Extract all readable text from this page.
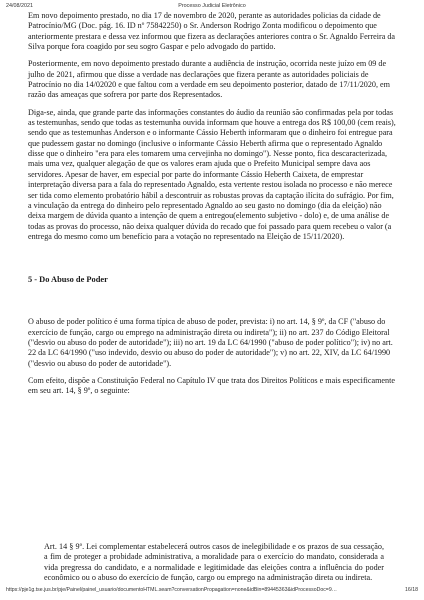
24/08/2021	Processo Judicial Eletrônico

Em novo depoimento prestado, no dia 17 de novembro de 2020, perante as autoridades policias da cidade de Patrocínio/MG (Doc. pág. 16. ID nº 75842250) o Sr. Anderson Rodrigo Zonta modificou o depoimento que anteriormente prestara e dessa vez informou que fizera as declarações anteriores contra o Sr. Agnaldo Ferreira da Silva porque fora coagido por seu sogro Gaspar e pelo advogado do partido.

Posteriormente, em novo depoimento prestado durante a audiência de instrução, ocorrida neste juízo em 09 de julho de 2021, afirmou que disse a verdade nas declarações que fizera perante as autoridades policiais de Patrocínio no dia 14/02020 e que faltou com a verdade em seu depoimento posterior, datado de 17/11/2020, em razão das ameaças que sofrera por parte dos Representados.

Diga-se, ainda, que grande parte das informações constantes do áudio da reunião são confirmadas pela por todas as testemunhas, sendo que todas as testemunha ouvida informam que houve a entrega dos R$ 100,00 (cem reais), sendo que as testemunhas Anderson e o informante Cássio Heberth informaram que o dinheiro foi entregue para que pudessem gastar no domingo (inclusive o informante Cássio Heberth afirma que o representado Agnaldo disse que o dinheiro "era para eles tomarem uma cervejinha no domingo"). Nesse ponto, fica descaracterizada, mais uma vez, qualquer alegação de que os valores eram ajuda que o Prefeito Municipal sempre dava aos servidores. Apesar de haver, em especial por parte do informante Cássio Heberth Caixeta, de emprestar interpretação diversa para a fala do representado Agnaldo, esta vertente restou isolada no processo e não merece ser tida como elemento probatório hábil a descontruir as robustas provas da captação ilícita do sufrágio. Por fim, a vinculação da entrega do dinheiro pelo representado Agnaldo ao seu gasto no domingo (dia da eleição) não deixa margem de dúvida quanto a intenção de quem a entregou(elemento subjetivo - dolo) e, de uma análise de todas as provas do processo, não deixa qualquer dúvida do recado que foi passado para quem recebeu o valor (a entrega do mesmo como um benefício para a votação no representado na Eleição de 15/11/2020).

5 - Do Abuso de Poder

O abuso de poder político é uma forma típica de abuso de poder, prevista: i) no art. 14, § 9º, da CF ("abuso do exercício de função, cargo ou emprego na administração direta ou indireta"); ii) no art. 237 do Código Eleitoral ("desvio ou abuso do poder de autoridade"); iii) no art. 19 da LC 64/1990 ("abuso de poder político"); iv) no art. 22 da LC 64/1990 ("uso indevido, desvio ou abuso do poder de autoridade"); v) no art. 22, XIV, da LC 64/1990 ("desvio ou abuso do poder de autoridade").

Com efeito, dispõe a Constituição Federal no Capítulo IV que trata dos Direitos Políticos e mais especificamente em seu art. 14, § 9º, o seguinte:

Art. 14 § 9º. Lei complementar estabelecerá outros casos de inelegibilidade e os prazos de sua cessação, a fim de proteger a probidade administrativa, a moralidade para o exercício do mandato, considerada a vida pregressa do candidato, e a normalidade e legitimidade das eleições contra a influência do poder econômico ou o abuso do exercício de função, cargo ou emprego na administração direta ou indireta.

https://pje1g.tse.jus.br/pje/Painel/painel_usuario/documentoHTML.seam?conversationPropagation=none&idBin=89445363&idProcessoDoc=9…	16/18
